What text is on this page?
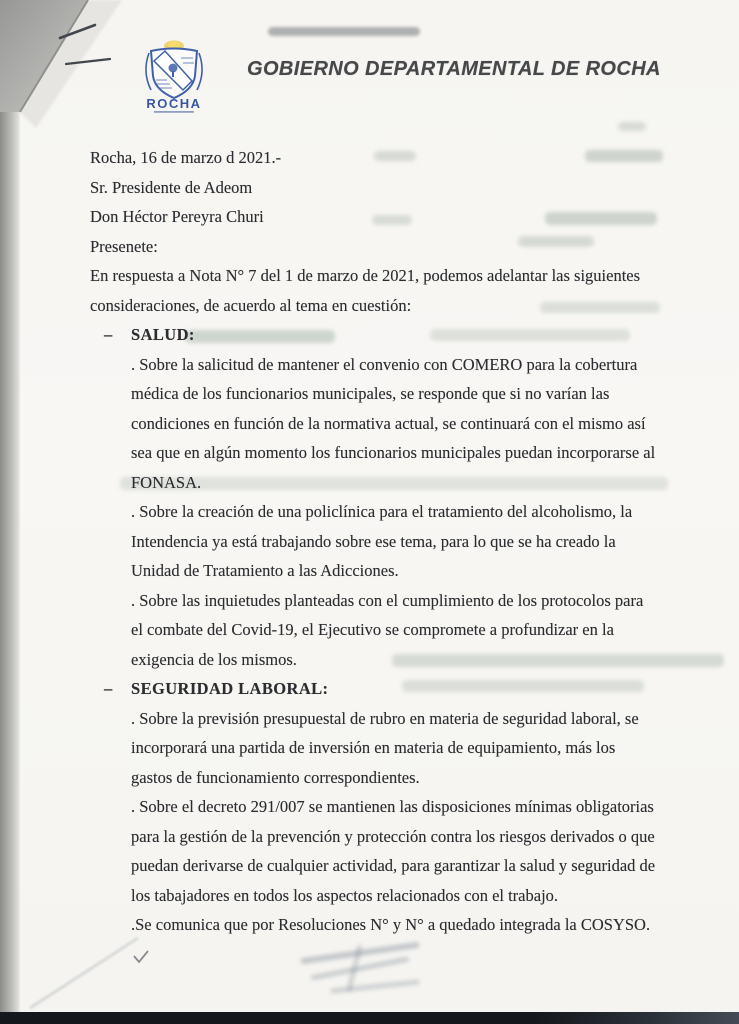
ROCHA
GOBIERNO DEPARTAMENTAL DE ROCHA
Rocha, 16 de marzo d 2021.-
Sr. Presidente de Adeom
Don Héctor Pereyra Churi
Presenete:
En respuesta a Nota N° 7 del 1 de marzo de 2021, podemos adelantar las siguientes
consideraciones, de acuerdo al tema en cuestión:
– SALUD:
. Sobre la salicitud de mantener el convenio con COMERO para la cobertura
médica de los funcionarios municipales, se responde que si no varían las
condiciones en función de la normativa actual, se continuará con el mismo así
sea que en algún momento los funcionarios municipales puedan incorporarse al
FONASA.
. Sobre la creación de una policlínica para el tratamiento del alcoholismo, la
Intendencia ya está trabajando sobre ese tema, para lo que se ha creado la
Unidad de Tratamiento a las Adicciones.
. Sobre las inquietudes planteadas con el cumplimiento de los protocolos para
el combate del Covid-19, el Ejecutivo se compromete a profundizar en la
exigencia de los mismos.
– SEGURIDAD LABORAL:
. Sobre la previsión presupuestal de rubro en materia de seguridad laboral, se
incorporará una partida de inversión en materia de equipamiento, más los
gastos de funcionamiento correspondientes.
. Sobre el decreto 291/007 se mantienen las disposiciones mínimas obligatorias
para la gestión de la prevención y protección contra los riesgos derivados o que
puedan derivarse de cualquier actividad, para garantizar la salud y seguridad de
los tabajadores en todos los aspectos relacionados con el trabajo.
.Se comunica que por Resoluciones N° y N° a quedado integrada la COSYSO.
